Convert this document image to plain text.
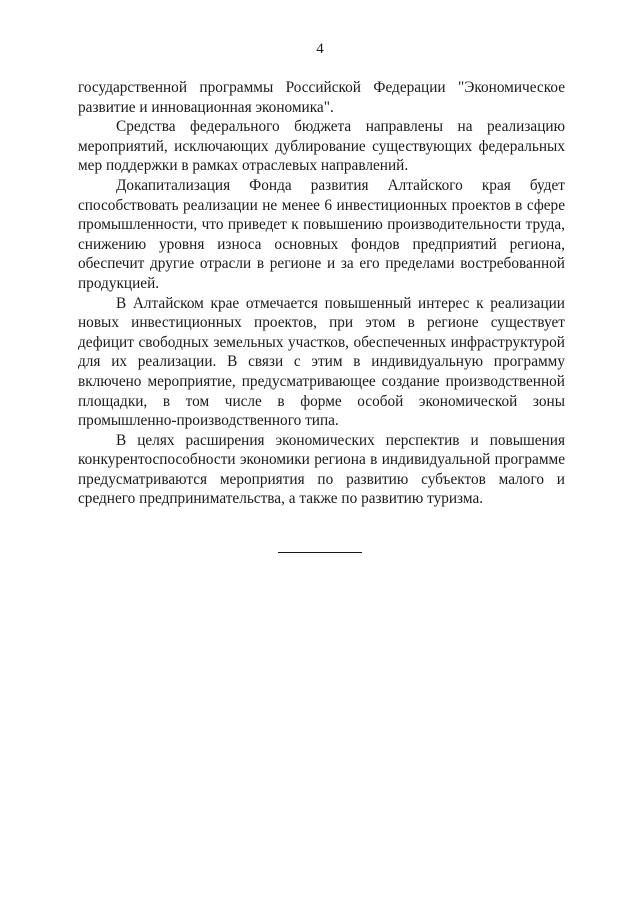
4

государственной программы Российской Федерации "Экономическое развитие и инновационная экономика".

Средства федерального бюджета направлены на реализацию мероприятий, исключающих дублирование существующих федеральных мер поддержки в рамках отраслевых направлений.

Докапитализация Фонда развития Алтайского края будет способствовать реализации не менее 6 инвестиционных проектов в сфере промышленности, что приведет к повышению производительности труда, снижению уровня износа основных фондов предприятий региона, обеспечит другие отрасли в регионе и за его пределами востребованной продукцией.

В Алтайском крае отмечается повышенный интерес к реализации новых инвестиционных проектов, при этом в регионе существует дефицит свободных земельных участков, обеспеченных инфраструктурой для их реализации. В связи с этим в индивидуальную программу включено мероприятие, предусматривающее создание производственной площадки, в том числе в форме особой экономической зоны промышленно-производственного типа.

В целях расширения экономических перспектив и повышения конкурентоспособности экономики региона в индивидуальной программе предусматриваются мероприятия по развитию субъектов малого и среднего предпринимательства, а также по развитию туризма.
